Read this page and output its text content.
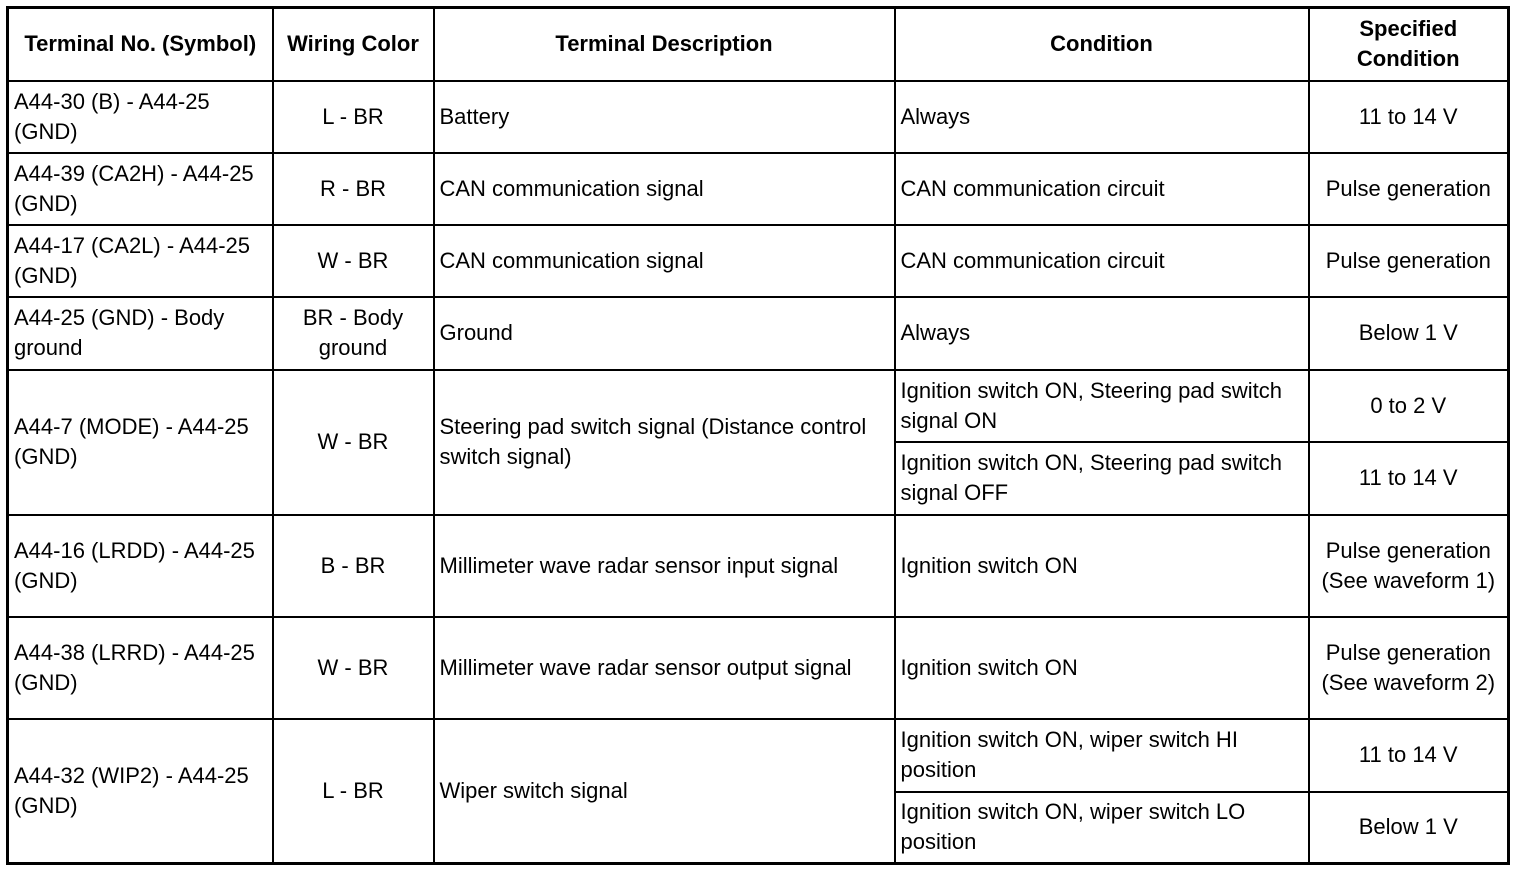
Terminal No. (Symbol)	Wiring Color	Terminal Description	Condition	Specified Condition
A44-30 (B) - A44-25 (GND)	L - BR	Battery	Always	11 to 14 V
A44-39 (CA2H) - A44-25 (GND)	R - BR	CAN communication signal	CAN communication circuit	Pulse generation
A44-17 (CA2L) - A44-25 (GND)	W - BR	CAN communication signal	CAN communication circuit	Pulse generation
A44-25 (GND) - Body ground	BR - Body ground	Ground	Always	Below 1 V
A44-7 (MODE) - A44-25 (GND)	W - BR	Steering pad switch signal (Distance control switch signal)	Ignition switch ON, Steering pad switch signal ON	0 to 2 V
			Ignition switch ON, Steering pad switch signal OFF	11 to 14 V
A44-16 (LRDD) - A44-25 (GND)	B - BR	Millimeter wave radar sensor input signal	Ignition switch ON	Pulse generation (See waveform 1)
A44-38 (LRRD) - A44-25 (GND)	W - BR	Millimeter wave radar sensor output signal	Ignition switch ON	Pulse generation (See waveform 2)
A44-32 (WIP2) - A44-25 (GND)	L - BR	Wiper switch signal	Ignition switch ON, wiper switch HI position	11 to 14 V
			Ignition switch ON, wiper switch LO position	Below 1 V
